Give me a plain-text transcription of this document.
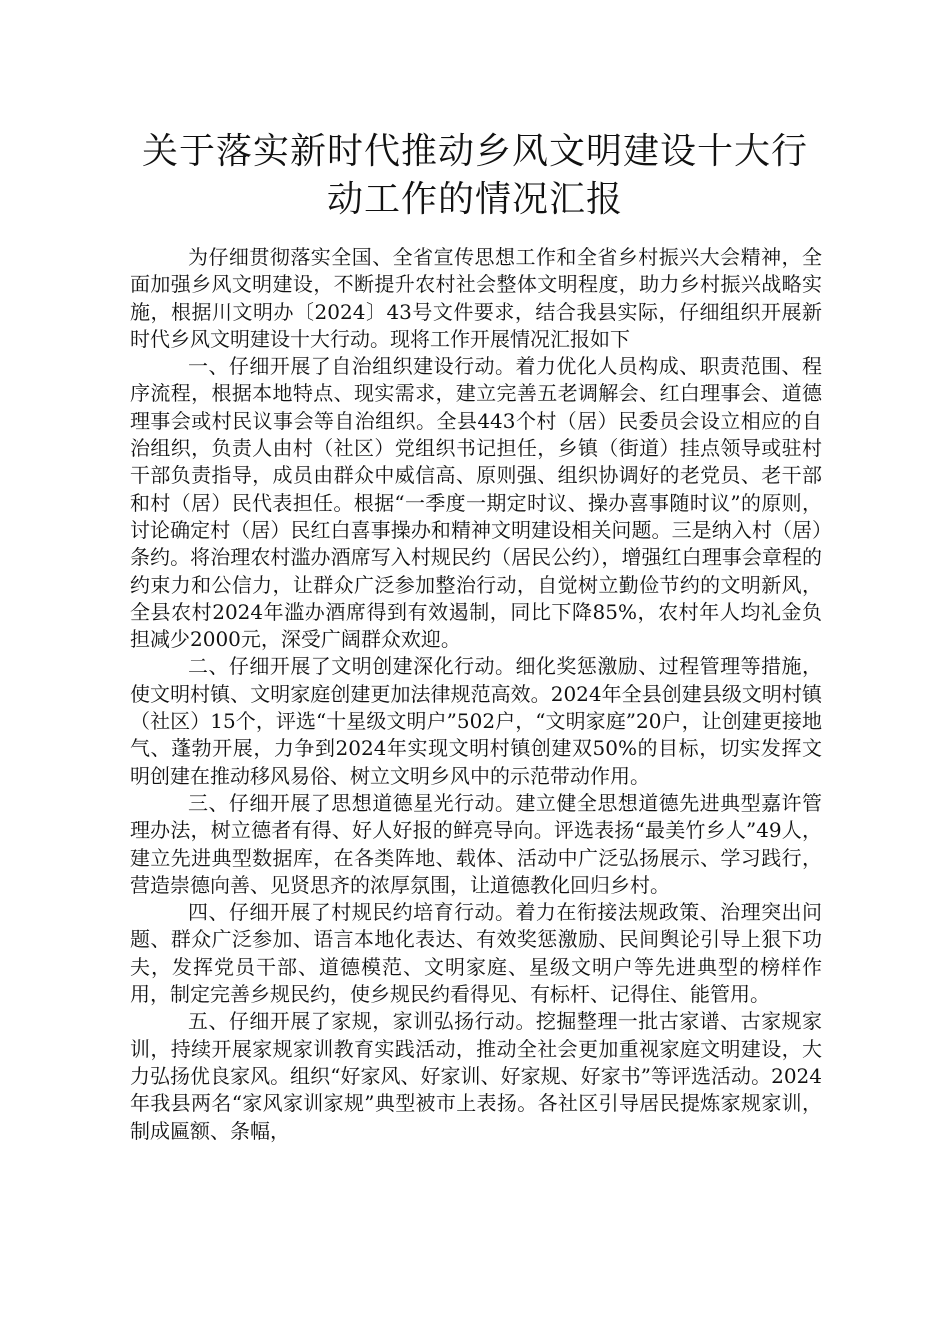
关于落实新时代推动乡风文明建设十大行
动工作的情况汇报

为仔细贯彻落实全国、全省宣传思想工作和全省乡村振兴大会精神，全面加强乡风文明建设，不断提升农村社会整体文明程度，助力乡村振兴战略实施，根据川文明办〔2024〕43号文件要求，结合我县实际，仔细组织开展新时代乡风文明建设十大行动。现将工作开展情况汇报如下

一、仔细开展了自治组织建设行动。着力优化人员构成、职责范围、程序流程，根据本地特点、现实需求，建立完善五老调解会、红白理事会、道德理事会或村民议事会等自治组织。全县443个村（居）民委员会设立相应的自治组织，负责人由村（社区）党组织书记担任，乡镇（街道）挂点领导或驻村干部负责指导，成员由群众中威信高、原则强、组织协调好的老党员、老干部和村（居）民代表担任。根据“一季度一期定时议、操办喜事随时议”的原则，讨论确定村（居）民红白喜事操办和精神文明建设相关问题。三是纳入村（居）条约。将治理农村滥办酒席写入村规民约（居民公约），增强红白理事会章程的约束力和公信力，让群众广泛参加整治行动，自觉树立勤俭节约的文明新风，全县农村2024年滥办酒席得到有效遏制，同比下降85%，农村年人均礼金负担减少2000元，深受广阔群众欢迎。

二、仔细开展了文明创建深化行动。细化奖惩激励、过程管理等措施，使文明村镇、文明家庭创建更加法律规范高效。2024年全县创建县级文明村镇（社区）15个，评选“十星级文明户”502户，“文明家庭”20户，让创建更接地气、蓬勃开展，力争到2024年实现文明村镇创建双50%的目标，切实发挥文明创建在推动移风易俗、树立文明乡风中的示范带动作用。

三、仔细开展了思想道德星光行动。建立健全思想道德先进典型嘉许管理办法，树立德者有得、好人好报的鲜亮导向。评选表扬“最美竹乡人”49人，建立先进典型数据库，在各类阵地、载体、活动中广泛弘扬展示、学习践行，营造崇德向善、见贤思齐的浓厚氛围，让道德教化回归乡村。

四、仔细开展了村规民约培育行动。着力在衔接法规政策、治理突出问题、群众广泛参加、语言本地化表达、有效奖惩激励、民间舆论引导上狠下功夫，发挥党员干部、道德模范、文明家庭、星级文明户等先进典型的榜样作用，制定完善乡规民约，使乡规民约看得见、有标杆、记得住、能管用。

五、仔细开展了家规，家训弘扬行动。挖掘整理一批古家谱、古家规家训，持续开展家规家训教育实践活动，推动全社会更加重视家庭文明建设，大力弘扬优良家风。组织“好家风、好家训、好家规、好家书”等评选活动。2024年我县两名“家风家训家规”典型被市上表扬。各社区引导居民提炼家规家训，制成匾额、条幅，
